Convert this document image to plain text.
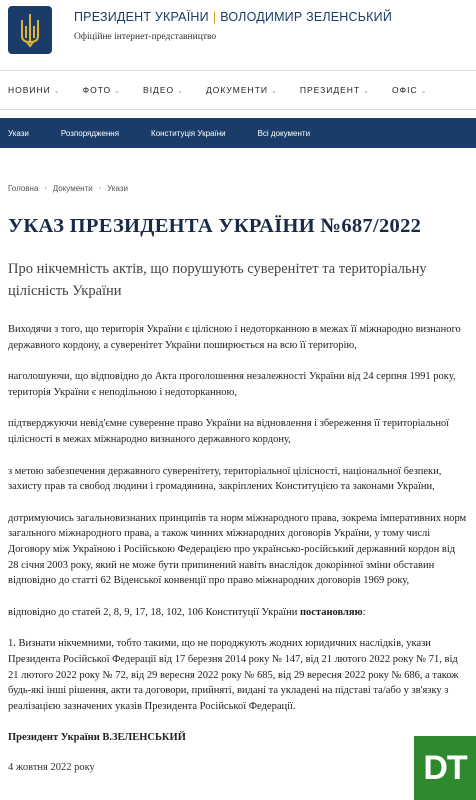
ПРЕЗИДЕНТ УКРАЇНИ | ВОЛОДИМИР ЗЕЛЕНСЬКИЙ
Офіційне інтернет-представництво
НОВИНИ ⌄	ФОТО ⌄	ВІДЕО ⌄	ДОКУМЕНТИ ⌄	ПРЕЗИДЕНТ ⌄	ОФІС ⌄
Укази	Розпорядження	Конституція України	Всі документи
Головна › Документи › Укази
УКАЗ ПРЕЗИДЕНТА УКРАЇНИ №687/2022
Про нікчемність актів, що порушують суверенітет та територіальну цілісність України

Виходячи з того, що територія України є цілісною і недоторканною в межах її міжнародно визнаного державного кордону, а суверенітет України поширюється на всю її територію,

наголошуючи, що відповідно до Акта проголошення незалежності України від 24 серпня 1991 року, територія України є неподільною і недоторканною,

підтверджуючи невід'ємне суверенне право України на відновлення і збереження її територіальної цілісності в межах міжнародно визнаного державного кордону,

з метою забезпечення державного суверенітету, територіальної цілісності, національної безпеки, захисту прав та свобод людини і громадянина, закріплених Конституцією та законами України,

дотримуючись загальновизнаних принципів та норм міжнародного права, зокрема імперативних норм загального міжнародного права, а також чинних міжнародних договорів України, у тому числі Договору між Україною і Російською Федерацією про українсько-російський державний кордон від 28 січня 2003 року, який не може бути припинений навіть внаслідок докорінної зміни обставин відповідно до статті 62 Віденської конвенції про право міжнародних договорів 1969 року,

відповідно до статей 2, 8, 9, 17, 18, 102, 106 Конституції України постановляю:

1. Визнати нікчемними, тобто такими, що не породжують жодних юридичних наслідків, укази Президента Російської Федерації від 17 березня 2014 року № 147, від 21 лютого 2022 року № 71, від 21 лютого 2022 року № 72, від 29 вересня 2022 року № 685, від 29 вересня 2022 року № 686, а також будь-які інші рішення, акти та договори, прийняті, видані та укладені на підставі та/або у зв'язку з реалізацією зазначених указів Президента Російської Федерації.

Президент України В.ЗЕЛЕНСЬКИЙ

4 жовтня 2022 року	DT
